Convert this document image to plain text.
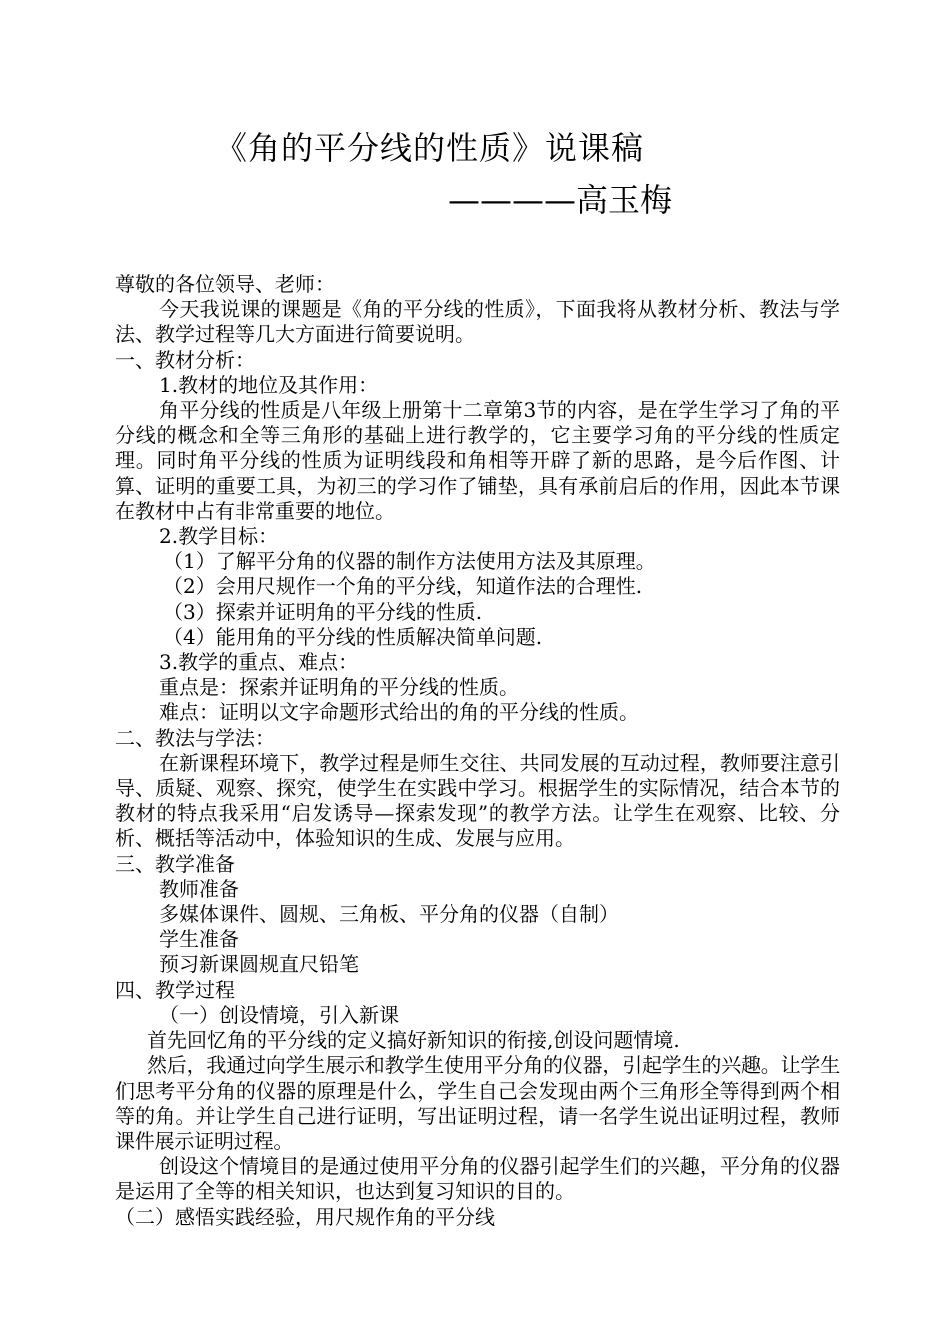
《角的平分线的性质》说课稿
————高玉梅

尊敬的各位领导、老师：

今天我说课的课题是《角的平分线的性质》，下面我将从教材分析、教法与学法、教学过程等几大方面进行简要说明。

一、教材分析：

1.教材的地位及其作用：

角平分线的性质是八年级上册第十二章第3节的内容，是在学生学习了角的平分线的概念和全等三角形的基础上进行教学的，它主要学习角的平分线的性质定理。同时角平分线的性质为证明线段和角相等开辟了新的思路，是今后作图、计算、证明的重要工具，为初三的学习作了铺垫，具有承前启后的作用，因此本节课在教材中占有非常重要的地位。

2.教学目标：

（1）了解平分角的仪器的制作方法使用方法及其原理。

（2）会用尺规作一个角的平分线，知道作法的合理性.

（3）探索并证明角的平分线的性质.

（4）能用角的平分线的性质解决简单问题.

3.教学的重点、难点：

重点是：探索并证明角的平分线的性质。

难点：证明以文字命题形式给出的角的平分线的性质。

二、教法与学法：

在新课程环境下，教学过程是师生交往、共同发展的互动过程，教师要注意引导、质疑、观察、探究，使学生在实践中学习。根据学生的实际情况，结合本节的教材的特点我采用“启发诱导—探索发现”的教学方法。让学生在观察、比较、分析、概括等活动中，体验知识的生成、发展与应用。

三、教学准备

教师准备

多媒体课件、圆规、三角板、平分角的仪器（自制）

学生准备

预习新课圆规直尺铅笔

四、教学过程

（一）创设情境，引入新课

首先回忆角的平分线的定义搞好新知识的衔接,创设问题情境.

然后，我通过向学生展示和教学生使用平分角的仪器，引起学生的兴趣。让学生们思考平分角的仪器的原理是什么，学生自己会发现由两个三角形全等得到两个相等的角。并让学生自己进行证明，写出证明过程，请一名学生说出证明过程，教师课件展示证明过程。

创设这个情境目的是通过使用平分角的仪器引起学生们的兴趣，平分角的仪器是运用了全等的相关知识，也达到复习知识的目的。

（二）感悟实践经验，用尺规作角的平分线
